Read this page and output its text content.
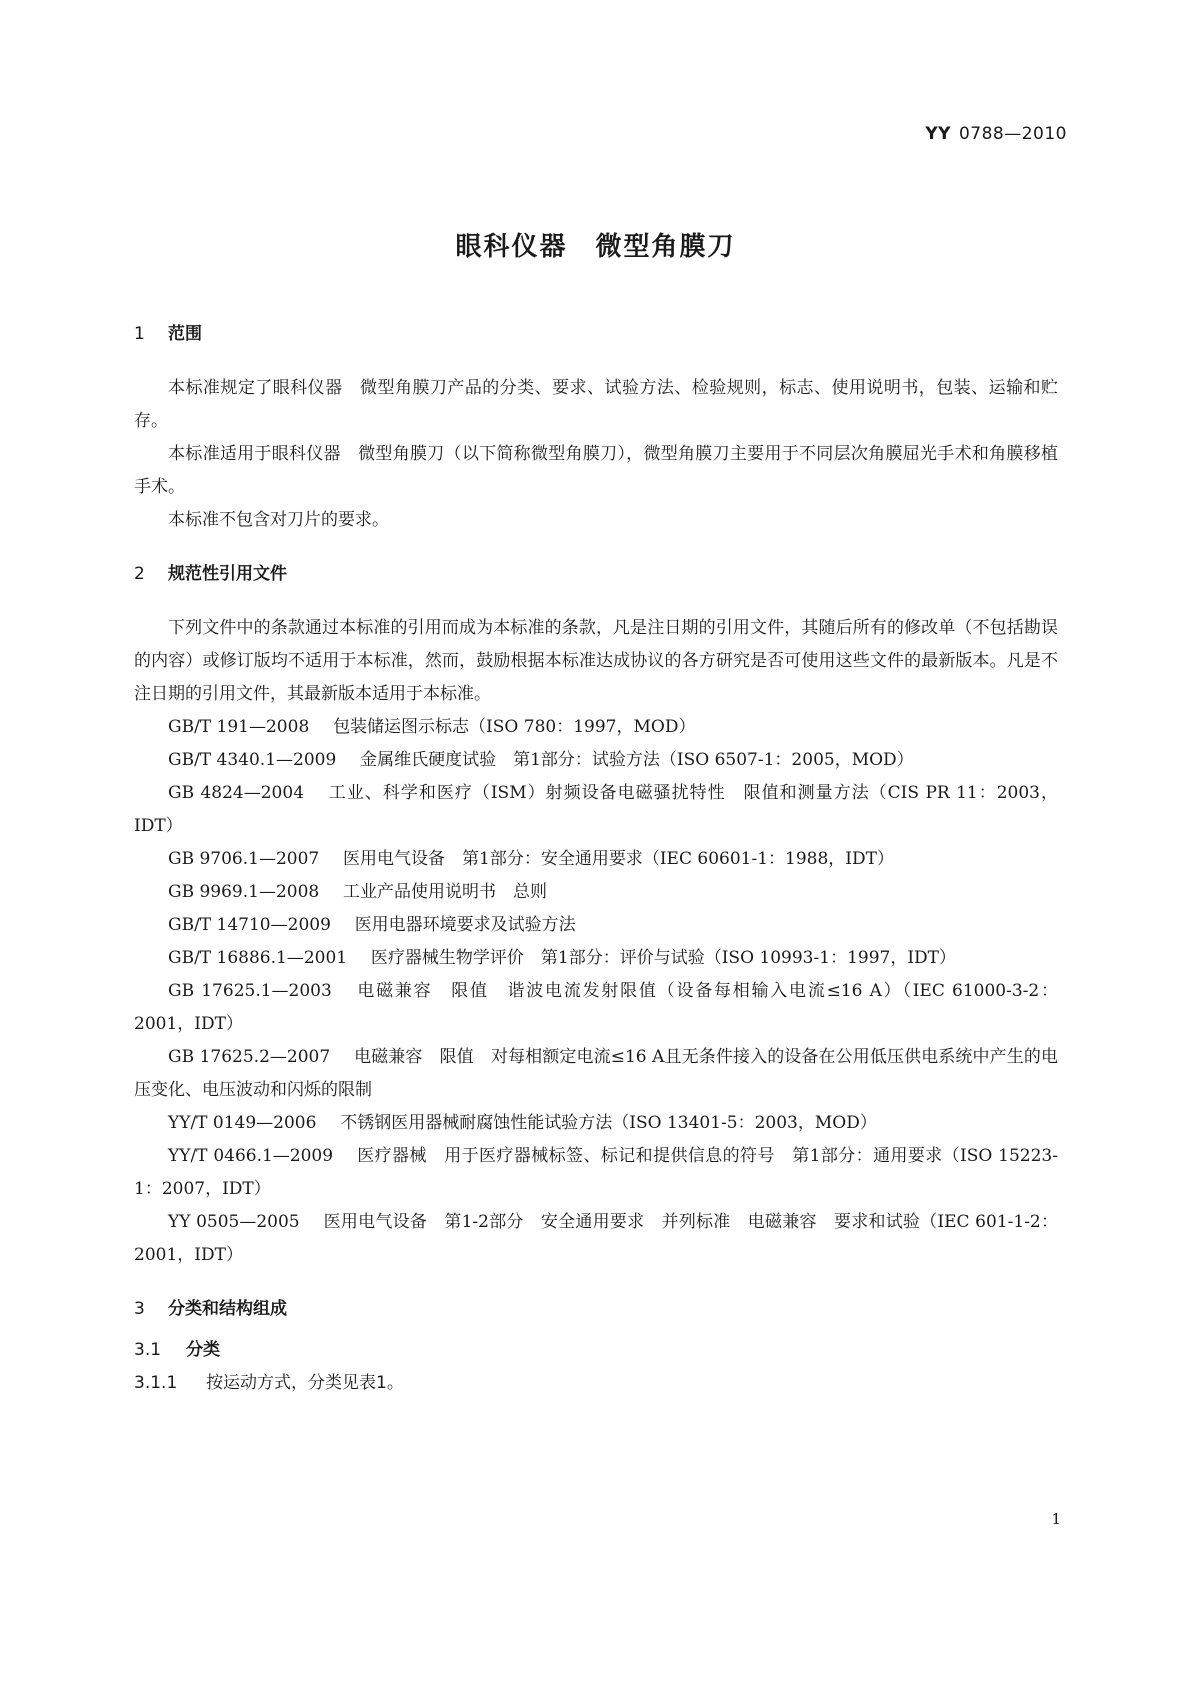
YY 0788—2010
眼科仪器　微型角膜刀
1 范围

本标准规定了眼科仪器　微型角膜刀产品的分类、要求、试验方法、检验规则，标志、使用说明书，包装、运输和贮存。

本标准适用于眼科仪器　微型角膜刀（以下简称微型角膜刀），微型角膜刀主要用于不同层次角膜屈光手术和角膜移植手术。

本标准不包含对刀片的要求。

2 规范性引用文件

下列文件中的条款通过本标准的引用而成为本标准的条款，凡是注日期的引用文件，其随后所有的修改单（不包括勘误的内容）或修订版均不适用于本标准，然而，鼓励根据本标准达成协议的各方研究是否可使用这些文件的最新版本。凡是不注日期的引用文件，其最新版本适用于本标准。

GB/T 191—2008 包装储运图示标志（ISO 780：1997，MOD）

GB/T 4340.1—2009 金属维氏硬度试验　第1部分：试验方法（ISO 6507-1：2005，MOD）

GB 4824—2004 工业、科学和医疗（ISM）射频设备电磁骚扰特性　限值和测量方法（CIS PR 11：2003，IDT）

GB 9706.1—2007 医用电气设备　第1部分：安全通用要求（IEC 60601-1：1988，IDT）

GB 9969.1—2008 工业产品使用说明书　总则

GB/T 14710—2009 医用电器环境要求及试验方法

GB/T 16886.1—2001 医疗器械生物学评价　第1部分：评价与试验（ISO 10993-1：1997，IDT）

GB 17625.1—2003 电磁兼容　限值　谐波电流发射限值（设备每相输入电流≤16 A）（IEC 61000-3-2：2001，IDT）

GB 17625.2—2007 电磁兼容　限值　对每相额定电流≤16 A且无条件接入的设备在公用低压供电系统中产生的电压变化、电压波动和闪烁的限制

YY/T 0149—2006 不锈钢医用器械耐腐蚀性能试验方法（ISO 13401-5：2003，MOD）

YY/T 0466.1—2009 医疗器械　用于医疗器械标签、标记和提供信息的符号　第1部分：通用要求（ISO 15223-1：2007，IDT）

YY 0505—2005 医用电气设备　第1-2部分　安全通用要求　并列标准　电磁兼容　要求和试验（IEC 601-1-2：2001，IDT）

3 分类和结构组成
3.1 分类

3.1.1 按运动方式，分类见表1。

1
